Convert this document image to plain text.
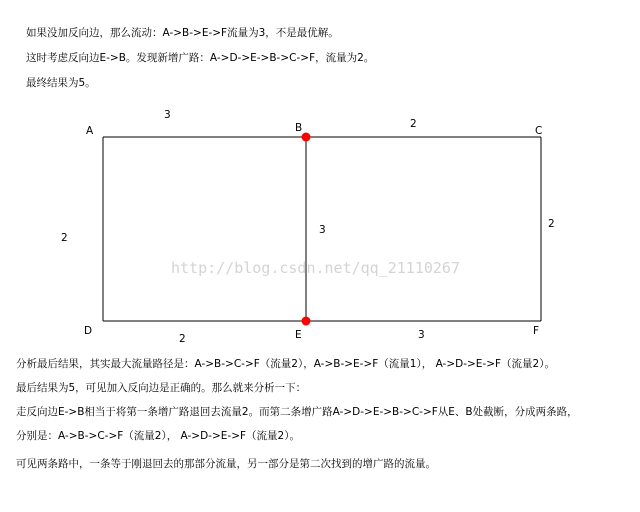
如果没加反向边，那么流动：A->B->E->F流量为3，不是最优解。
这时考虑反向边E->B。发现新增广路：A->D->E->B->C->F，流量为2。
最终结果为5。
http://blog.csdn.net/qq_21110267
A	B	C
D	E	F
3
2
2
3	2
2	3
分析最后结果，其实最大流量路径是：A->B->C->F（流量2），A->B->E->F（流量1）， A->D->E->F（流量2）。
最后结果为5，可见加入反向边是正确的。那么就来分析一下：
走反向边E->B相当于将第一条增广路退回去流量2。而第二条增广路A->D->E->B->C->F从E、B处截断，分成两条路，
分别是：A->B->C->F（流量2）， A->D->E->F（流量2）。
可见两条路中，一条等于刚退回去的那部分流量，另一部分是第二次找到的增广路的流量。
